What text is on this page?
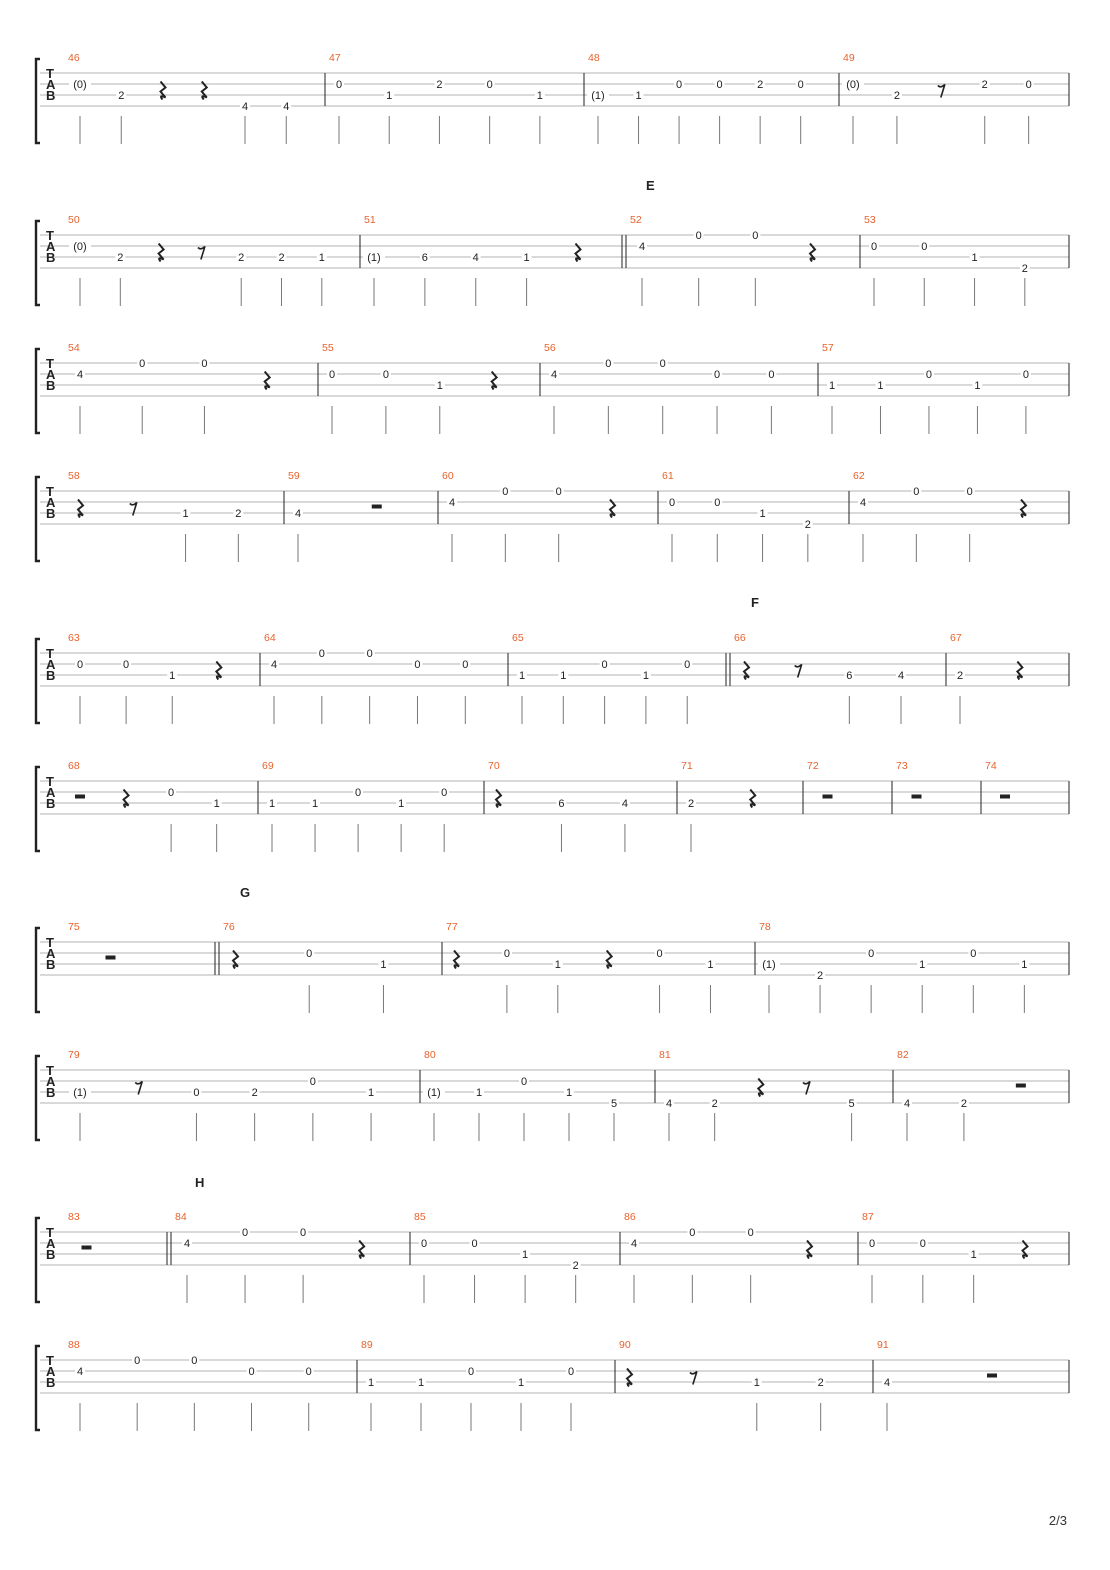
T
A
B
46
(0)
2
4	4
47
0
1
2	0
1
48
(1)	1
0	0	2	0
49
(0)
2
2	0
T
A
B
E
50
(0)
2	2	2	1
51
(1)	6	4	1
52
4
0	0
53
0	0
1
2
T
A
B
54
4
0	0
55
0	0
1
56
4
0	0
0	0
57
1	1
0
1
0
T
A
B
58
1	2
59
4
60
4
0	0
61
0	0
1
2
62
4
0	0
T
A
B
F
63
0	0
1
64
4
0	0
0	0
65
1	1
0
1
0
66
6	4
67
2
T
A
B
68
0
1
69
1	1
0
1
0
70
6	4
71
2
72	73	74
T
A
B
G
75	76
0
1
77
0
1
0
1
78
(1)
2
0
1
0
1
T
A
B
79
(1)	0	2
0
1
80
(1)	1
0
1
5
81
4	2	5
82
4	2
T
A
B
H
83	84
4
0	0
85
0	0
1
2
86
4
0	0
87
0	0
1
T
A
B
88
4
0	0
0	0
89
1	1
0
1
0
90
1	2
91
4
2/3
